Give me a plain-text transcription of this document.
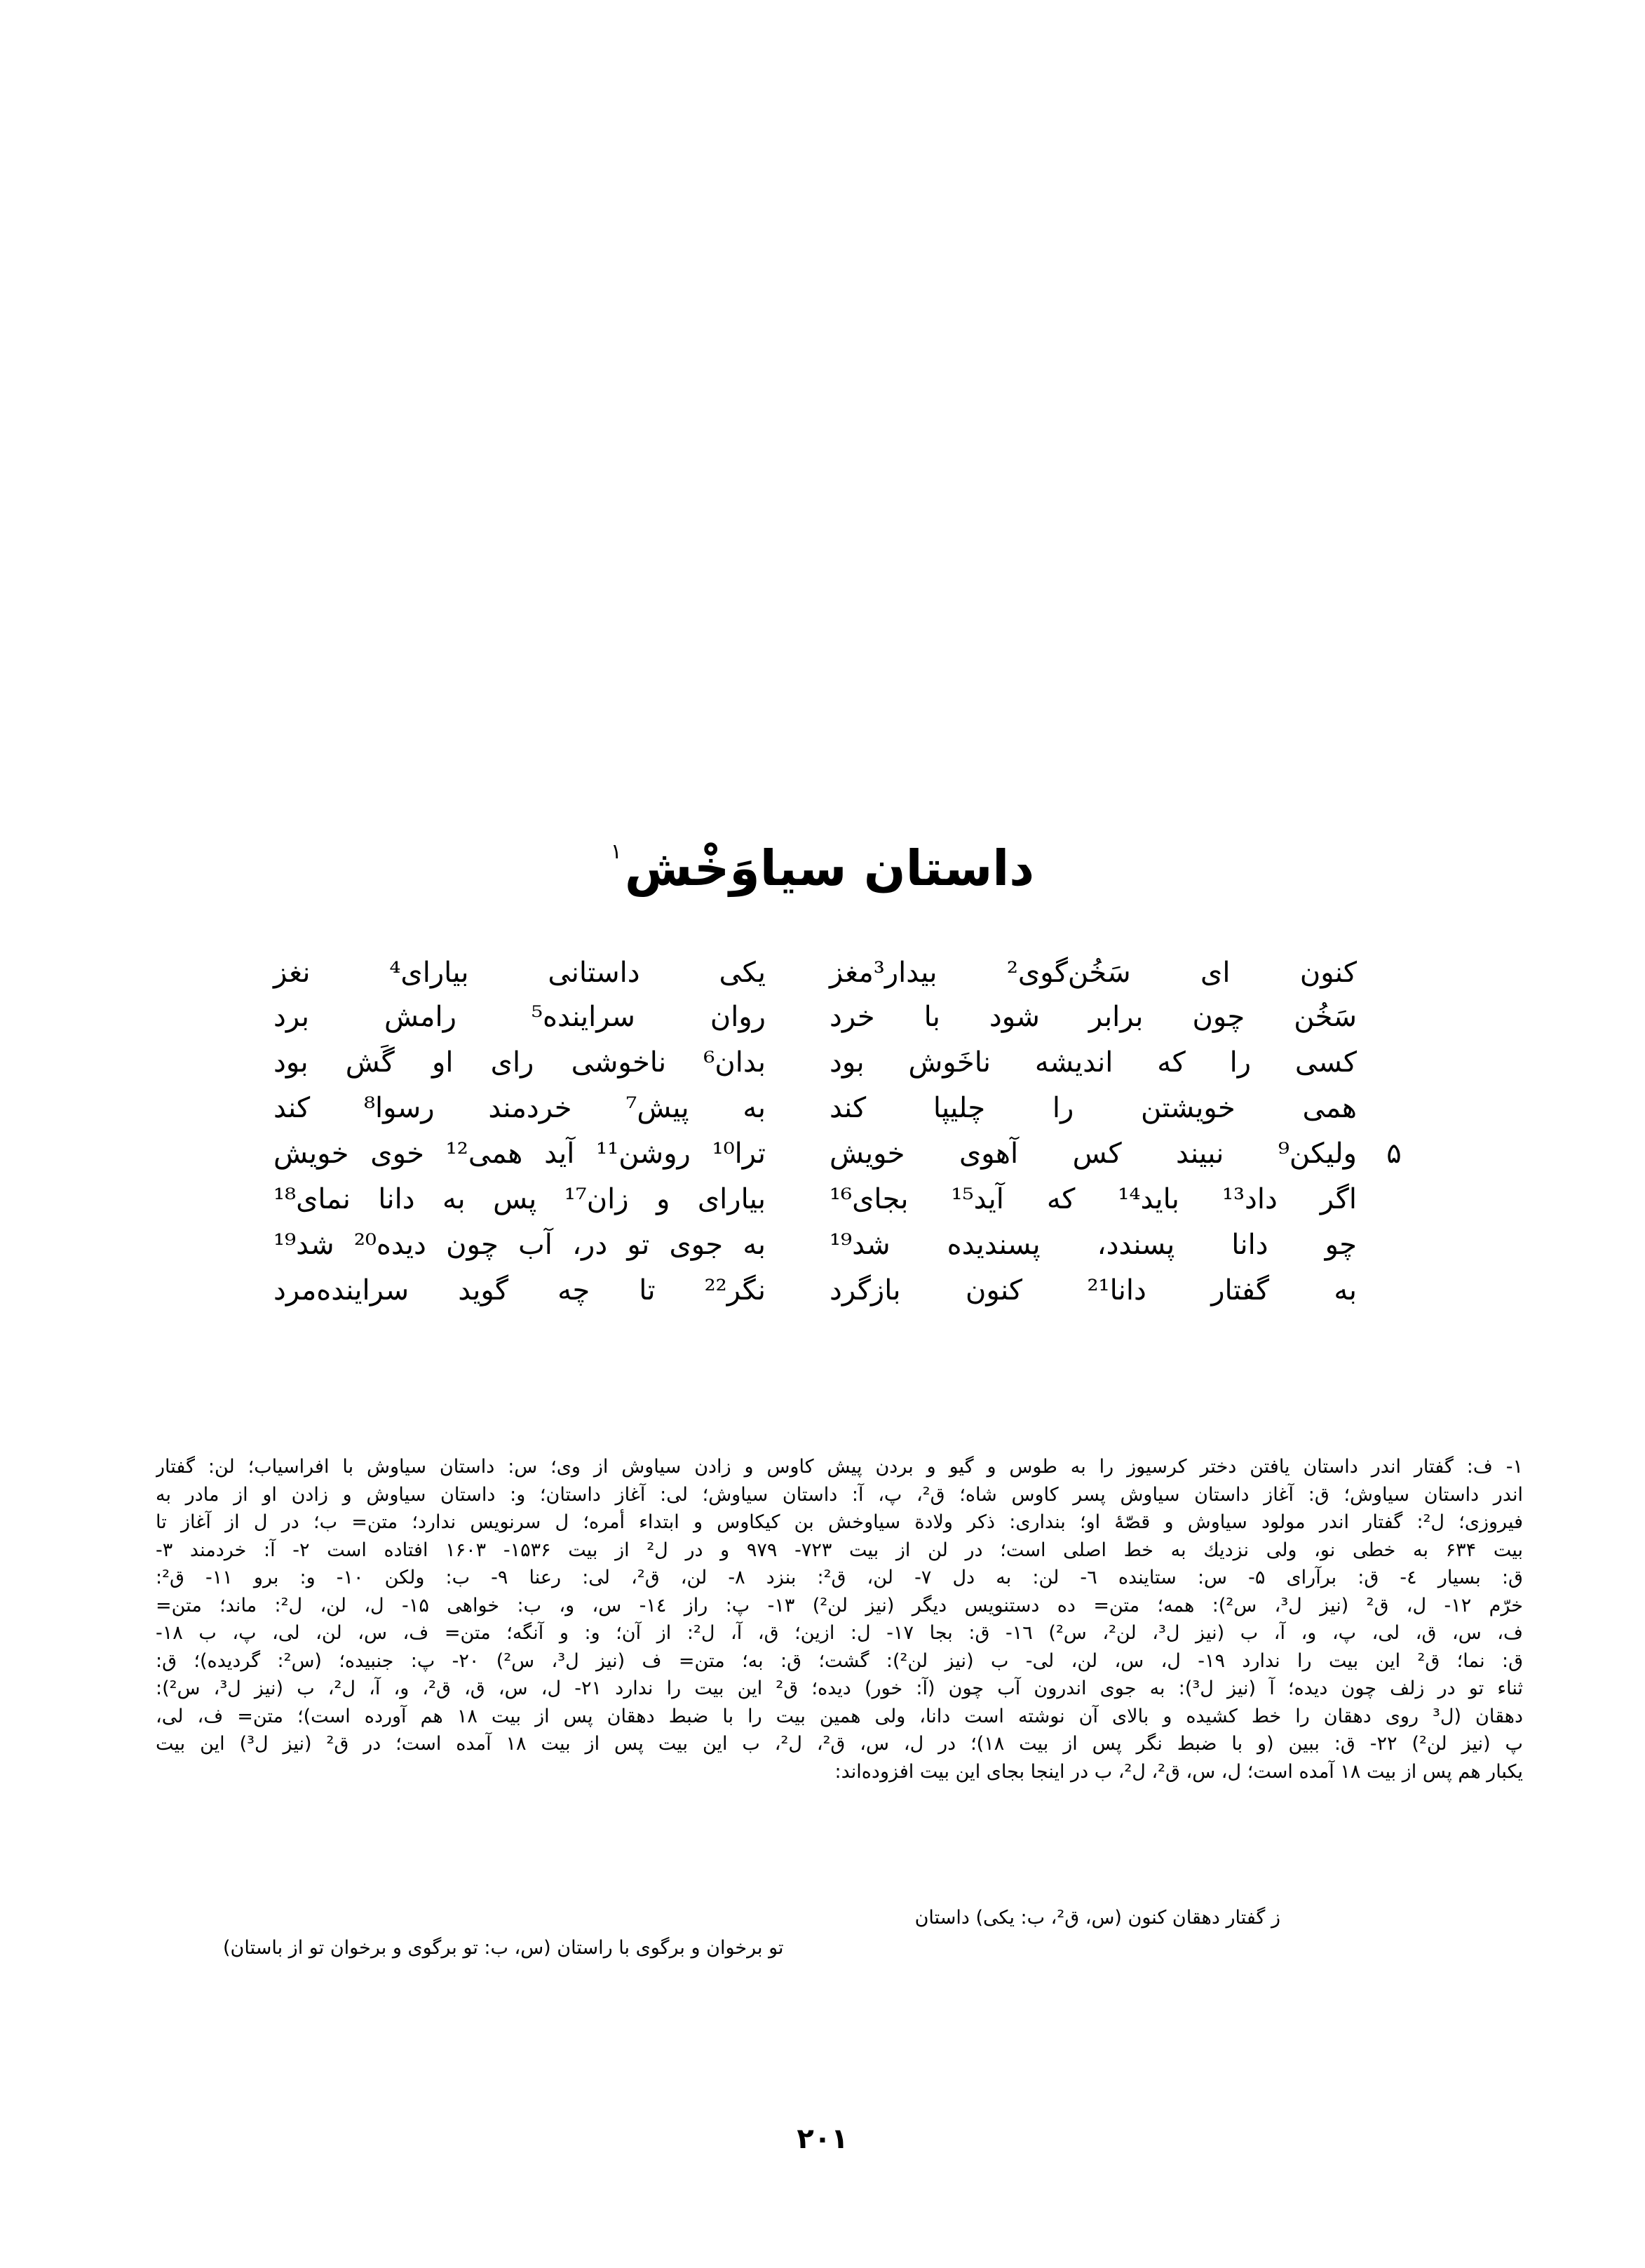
داستان سیاوَخْش$^۱$
کنون ای سَخُن‌گوی² بیدار³مغز
یکی داستانی بیارای⁴ نغز
سَخُن چون برابر شود با خرد
روان سراینده⁵ رامش برد
کسی را که اندیشه ناخَوش بود
بدان⁶ ناخوشی رای او گَش بود
همی خویشتن را چلیپا کند
به پیش⁷ خردمند رسوا⁸ کند
۵
ولیکن⁹ نبیند کس آهوی خویش
ترا¹⁰ روشن¹¹ آید همی¹² خوی خویش
اگر داد¹³ باید¹⁴ که آید¹⁵ بجای¹⁶
بیارای و زان¹⁷ پس به دانا نمای¹⁸
چو دانا پسندد، پسندیده شد¹⁹
به جوی تو در، آب چون دیده²⁰ شد¹⁹
به گفتار دانا²¹ کنون بازگرد
نگر²² تا چه گوید سراینده‌مرد
۱- ف: گفتار اندر داستان یافتن دختر کرسیوز را به طوس و گیو و بردن پیش کاوس و زادن سیاوش از وی؛ س: داستان سیاوش با افراسیاب؛ لن: گفتار
اندر داستان سیاوش؛ ق: آغاز داستان سیاوش پسر کاوس شاه؛ ق²، پ، آ: داستان سیاوش؛ لی: آغاز داستان؛ و: داستان سیاوش و زادن او از مادر به
فیروزی؛ ل²: گفتار اندر مولود سیاوش و قصّهٔ او؛ بنداری: ذکر ولادة سیاوخش بن کیکاوس و ابتداء أمره؛ ل سرنویس ندارد؛ متن= ب؛ در ل از آغاز تا
بیت ۶۳۴ به خطی نو، ولی نزدیك به خط اصلی است؛ در لن از بیت ۷۲۳- ۹۷۹ و در ل² از بیت ۱۵۳۶- ۱۶۰۳ افتاده است ۲- آ: خردمند ۳-
ق: بسیار ٤- ق: برآرای ۵- س: ستاینده ٦- لن: به دل ۷- لن، ق²: بنزد ۸- لن، ق²، لی: رعنا ۹- ب: ولکن ۱۰- و: برو ۱۱- ق²:
خرّم ۱۲- ل، ق² (نیز ل³، س²): همه؛ متن= ده دستنویس دیگر (نیز لن²) ۱۳- پ: راز ١٤- س، و، ب: خواهی ۱۵- ل، لن، ل²: ماند؛ متن=
ف، س، ق، لی، پ، و، آ، ب (نیز ل³، لن²، س²) ١٦- ق: بجا ۱۷- ل: ازین؛ ق، آ، ل²: از آن؛ و: و آنگه؛ متن= ف، س، لن، لی، پ، ب ۱۸-
ق: نما؛ ق² این بیت را ندارد ۱۹- ل، س، لن، لی- ب (نیز لن²): گشت؛ ق: به؛ متن= ف (نیز ل³، س²) ۲۰- پ: جنبیده؛ (س²: گردیده)؛ ق:
ثناء تو در زلف چون دیده؛ آ (نیز ل³): به جوی اندرون آب چون (آ: خور) دیده؛ ق² این بیت را ندارد ۲۱- ل، س، ق، ق²، و، آ، ل²، ب (نیز ل³، س²):
دهقان (ل³ روی دهقان را خط کشیده و بالای آن نوشته است دانا، ولی همین بیت را با ضبط دهقان پس از بیت ۱۸ هم آورده است)؛ متن= ف، لی،
پ (نیز لن²) ۲۲- ق: ببین (و با ضبط نگر پس از بیت ۱۸)؛ در ل، س، ق²، ل²، ب این بیت پس از بیت ۱۸ آمده است؛ در ق² (نیز ل³) این بیت
یکبار هم پس از بیت ۱۸ آمده است؛ ل، س، ق²، ل²، ب در اینجا بجای این بیت افزوده‌اند:
ز گفتار دهقان کنون (س، ق²، ب: یکی) داستان
تو برخوان و برگوی با راستان (س، ب: تو برگوی و برخوان تو از باستان)
۲۰۱
